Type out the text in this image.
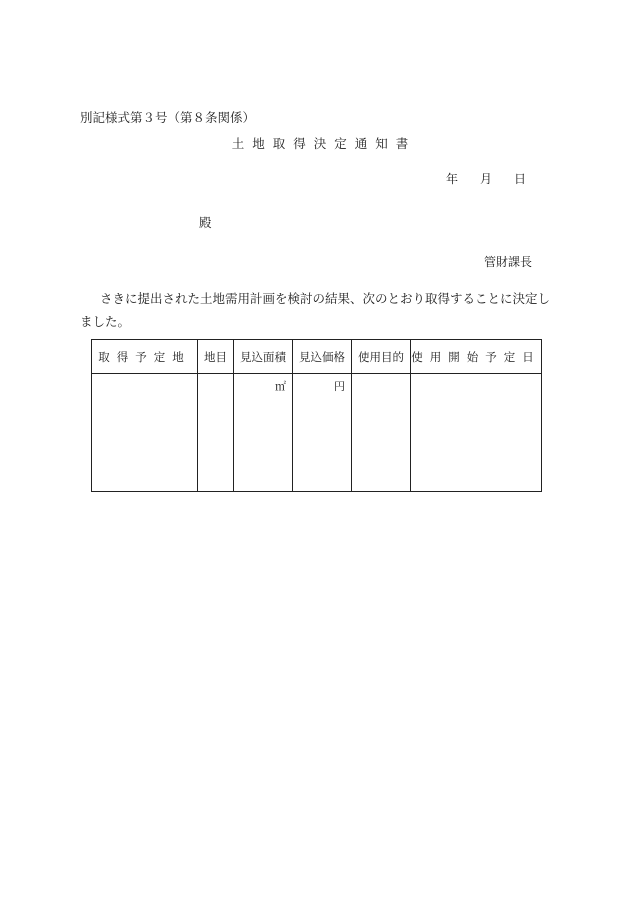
別記様式第３号（第８条関係）
土地取得決定通知書
年 月 日
殿
管財課長
さきに提出された土地需用計画を検討の結果、次のとおり取得することに決定しました。
取得予定地	地目	見込面積	見込価格	使用目的	使用開始予定日

		㎡	円		
